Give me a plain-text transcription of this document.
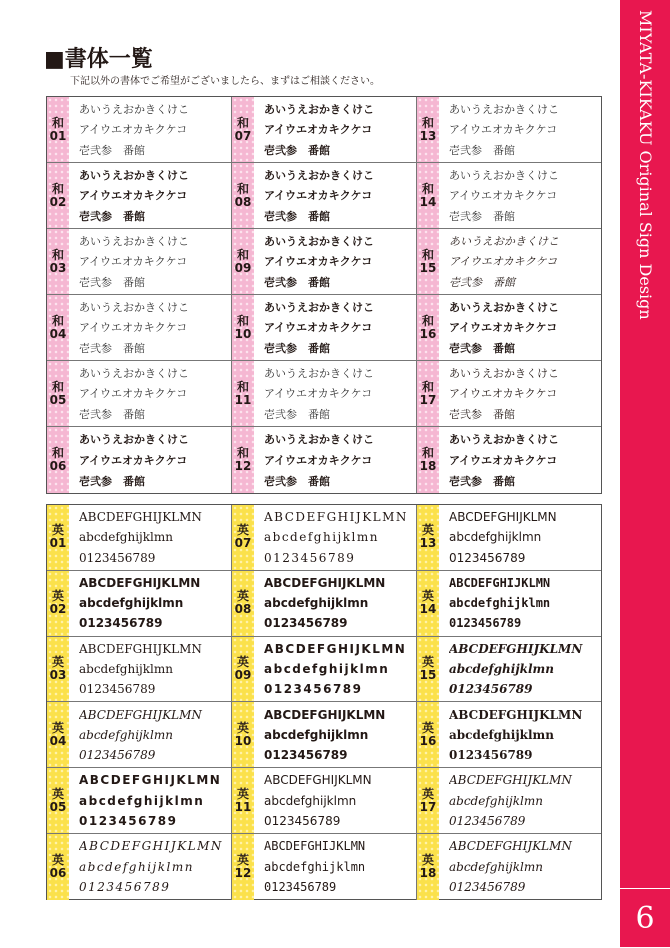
MIYATA-KIKAKU Original Sign Design
6
■書体一覧
下記以外の書体でご希望がございましたら、まずはご相談ください。
和
01
あいうえおかきくけこ
アイウエオカキクケコ
壱弐参　番館
和
07
あいうえおかきくけこ
アイウエオカキクケコ
壱弐参　番館
和
13
あいうえおかきくけこ
アイウエオカキクケコ
壱弐参　番館
和
02
あいうえおかきくけこ
アイウエオカキクケコ
壱弐参　番館
和
08
あいうえおかきくけこ
アイウエオカキクケコ
壱弐参　番館
和
14
あいうえおかきくけこ
アイウエオカキクケコ
壱弐参　番館
和
03
あいうえおかきくけこ
アイウエオカキクケコ
壱弐参　番館
和
09
あいうえおかきくけこ
アイウエオカキクケコ
壱弐参　番館
和
15
あいうえおかきくけこ
アイウエオカキクケコ
壱弐参　番館
和
04
あいうえおかきくけこ
アイウエオカキクケコ
壱弐参　番館
和
10
あいうえおかきくけこ
アイウエオカキクケコ
壱弐参　番館
和
16
あいうえおかきくけこ
アイウエオカキクケコ
壱弐参　番館
和
05
あいうえおかきくけこ
アイウエオカキクケコ
壱弐参　番館
和
11
あいうえおかきくけこ
アイウエオカキクケコ
壱弐参　番館
和
17
あいうえおかきくけこ
アイウエオカキクケコ
壱弐参　番館
和
06
あいうえおかきくけこ
アイウエオカキクケコ
壱弐参　番館
和
12
あいうえおかきくけこ
アイウエオカキクケコ
壱弐参　番館
和
18
あいうえおかきくけこ
アイウエオカキクケコ
壱弐参　番館
英
01
ABCDEFGHIJKLMN
abcdefghijklmn
0123456789
英
07
ABCDEFGHIJKLMN
abcdefghijklmn
0123456789
英
13
ABCDEFGHIJKLMN
abcdefghijklmn
0123456789
英
02
ABCDEFGHIJKLMN
abcdefghijklmn
0123456789
英
08
ABCDEFGHIJKLMN
abcdefghijklmn
0123456789
英
14
ABCDEFGHIJKLMN
abcdefghijklmn
0123456789
英
03
ABCDEFGHIJKLMN
abcdefghijklmn
0123456789
英
09
ABCDEFGHIJKLMN
abcdefghijklmn
0123456789
英
15
ABCDEFGHIJKLMN
abcdefghijklmn
0123456789
英
04
ABCDEFGHIJKLMN
abcdefghijklmn
0123456789
英
10
ABCDEFGHIJKLMN
abcdefghijklmn
0123456789
英
16
ABCDEFGHIJKLMN
abcdefghijklmn
0123456789
英
05
ABCDEFGHIJKLMN
abcdefghijklmn
0123456789
英
11
ABCDEFGHIJKLMN
abcdefghijklmn
0123456789
英
17
ABCDEFGHIJKLMN
abcdefghijklmn
0123456789
英
06
ABCDEFGHIJKLMN
abcdefghijklmn
0123456789
英
12
ABCDEFGHIJKLMN
abcdefghijklmn
0123456789
英
18
ABCDEFGHIJKLMN
abcdefghijklmn
0123456789
